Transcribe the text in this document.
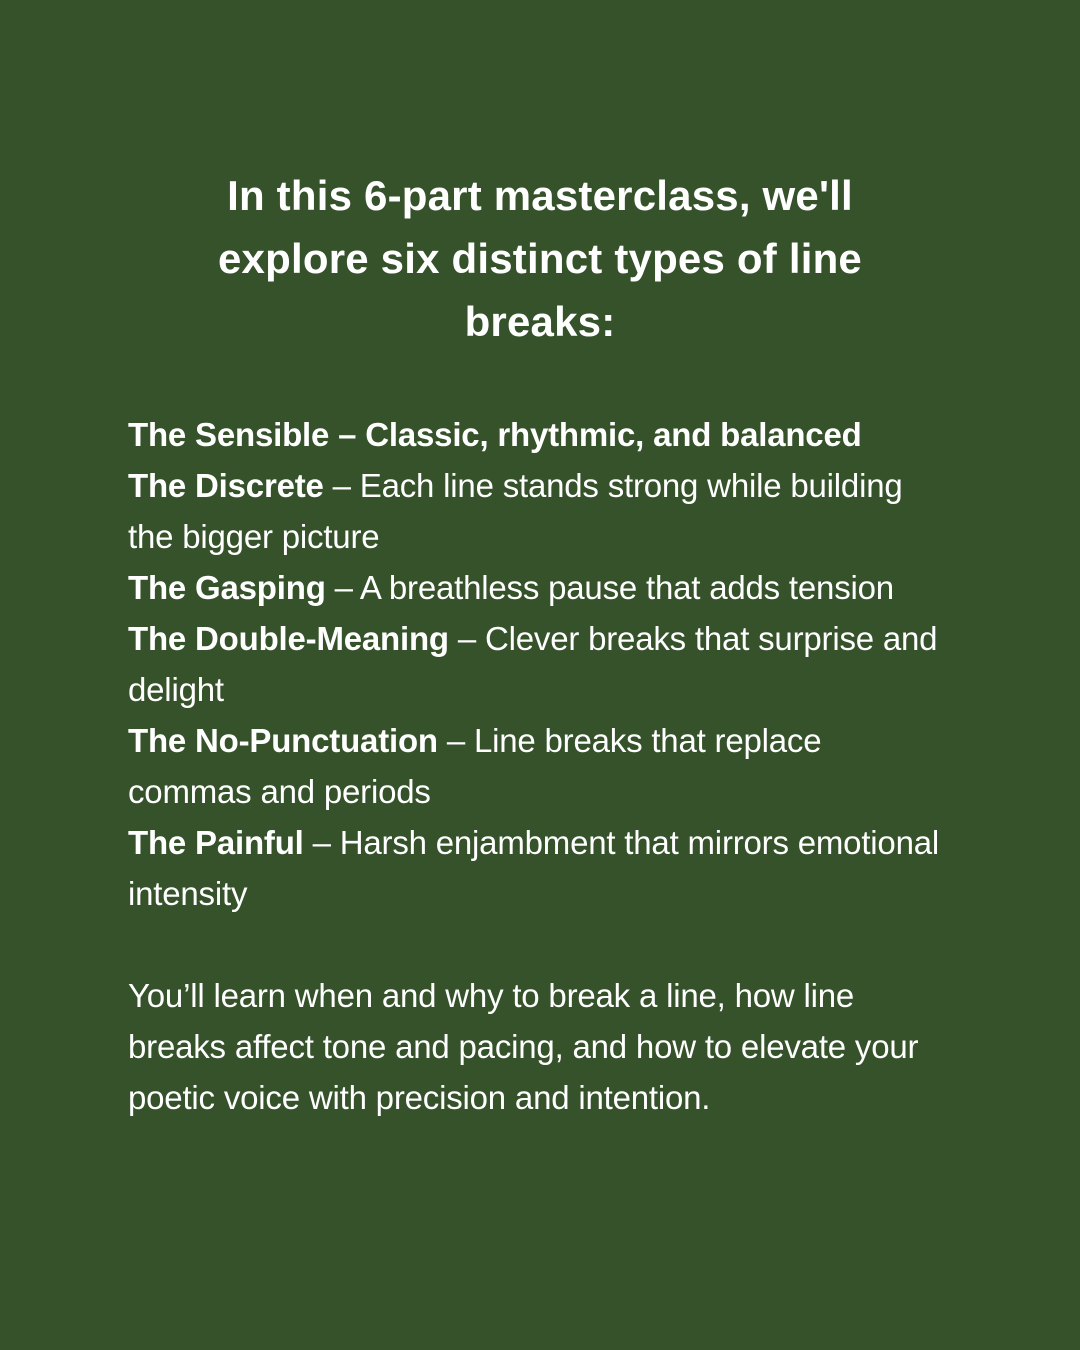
In this 6-part masterclass, we'll
explore six distinct types of line
breaks:

The Sensible – Classic, rhythmic, and balanced

The Discrete – Each line stands strong while building the bigger picture

The Gasping – A breathless pause that adds tension

The Double-Meaning – Clever breaks that surprise and delight

The No-Punctuation – Line breaks that replace commas and periods

The Painful – Harsh enjambment that mirrors emotional intensity

You’ll learn when and why to break a line, how line breaks affect tone and pacing, and how to elevate your poetic voice with precision and intention.
